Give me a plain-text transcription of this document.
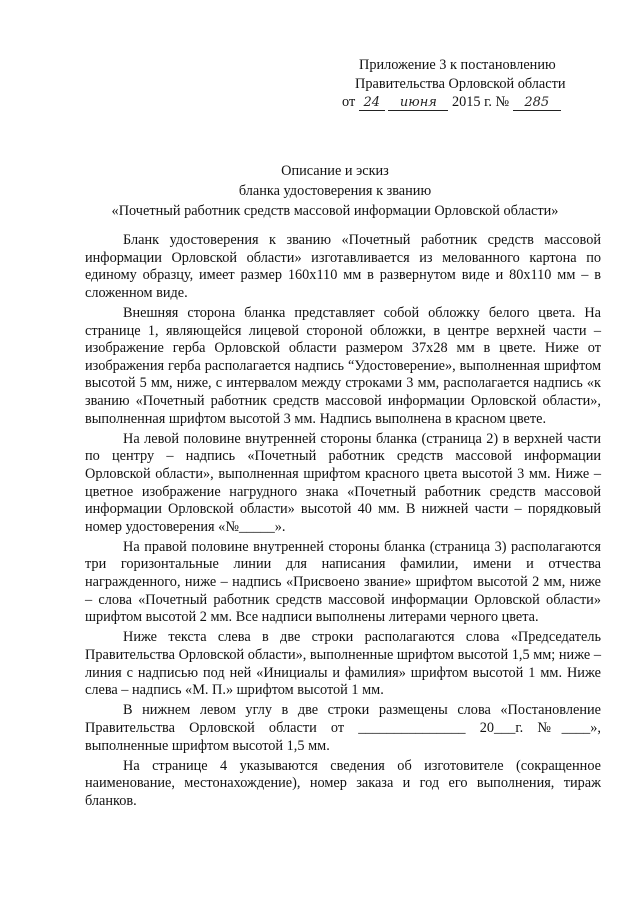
Приложение 3 к постановлению
Правительства Орловской области
от 24 июня 2015 г. № 285
Описание и эскиз
бланка удостоверения к званию
«Почетный работник средств массовой информации Орловской области»

Бланк удостоверения к званию «Почетный работник средств массовой информации Орловской области» изготавливается из мелованного картона по единому образцу, имеет размер 160х110 мм в развернутом виде и 80х110 мм – в сложенном виде.

Внешняя сторона бланка представляет собой обложку белого цвета. На странице 1, являющейся лицевой стороной обложки, в центре верхней части – изображение герба Орловской области размером 37х28 мм в цвете. Ниже от изображения герба располагается надпись “Удостоверение», выполненная шрифтом высотой 5 мм, ниже, с интервалом между строками 3 мм, располагается надпись «к званию «Почетный работник средств массовой информации Орловской области», выполненная шрифтом высотой 3 мм. Надпись выполнена в красном цвете.

На левой половине внутренней стороны бланка (страница 2) в верхней части по центру – надпись «Почетный работник средств массовой информации Орловской области», выполненная шрифтом красного цвета высотой 3 мм. Ниже – цветное изображение нагрудного знака «Почетный работник средств массовой информации Орловской области» высотой 40 мм. В нижней части – порядковый номер удостоверения «№_____».

На правой половине внутренней стороны бланка (страница 3) располагаются три горизонтальные линии для написания фамилии, имени и отчества награжденного, ниже – надпись «Присвоено звание» шрифтом высотой 2 мм, ниже – слова «Почетный работник средств массовой информации Орловской области» шрифтом высотой 2 мм. Все надписи выполнены литерами черного цвета.

Ниже текста слева в две строки располагаются слова «Председатель Правительства Орловской области», выполненные шрифтом высотой 1,5 мм; ниже – линия с надписью под ней «Инициалы и фамилия» шрифтом высотой 1 мм. Ниже слева – надпись «М. П.» шрифтом высотой 1 мм.

В нижнем левом углу в две строки размещены слова «Постановление Правительства Орловской области от _______________ 20___г. №____», выполненные шрифтом высотой 1,5 мм.

На странице 4 указываются сведения об изготовителе (сокращенное наименование, местонахождение), номер заказа и год его выполнения, тираж бланков.
